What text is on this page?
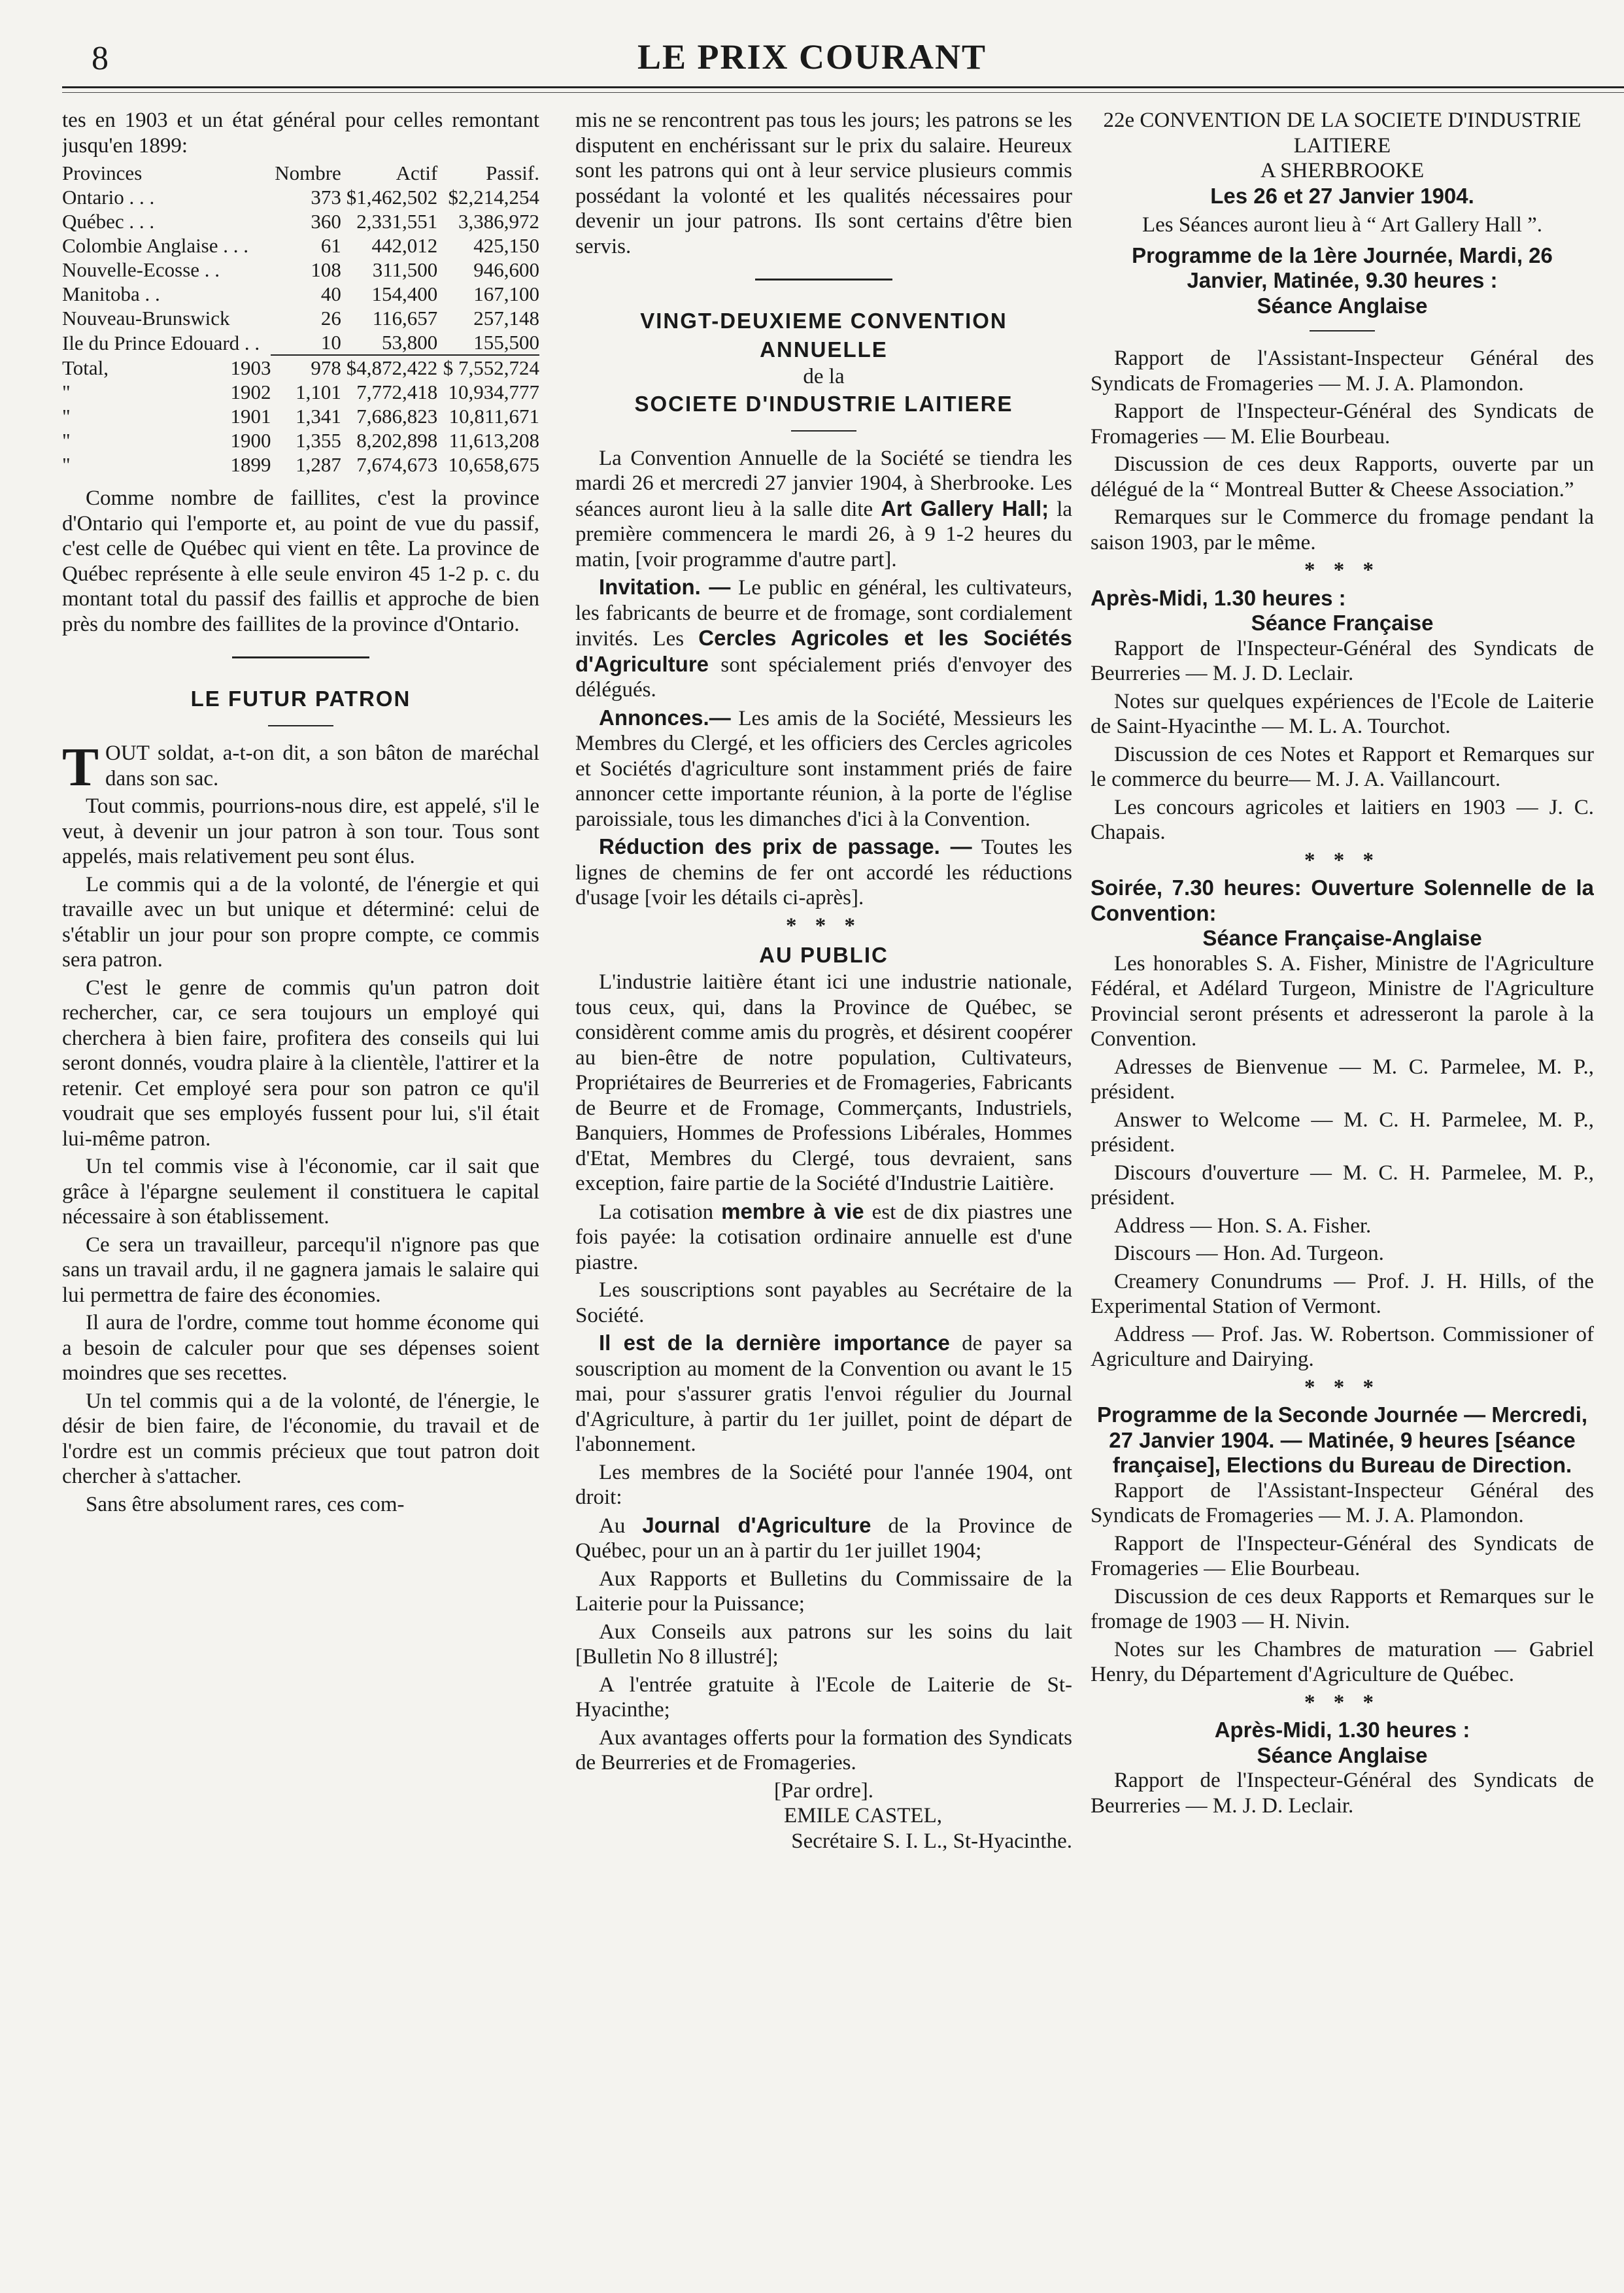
8	LE PRIX COURANT

tes en 1903 et un état général pour celles remontant jusqu'en 1899:

Provinces		Nombre	Actif	Passif.
Ontario . . .		373	$1,462,502	$2,214,254
Québec . . .		360	2,331,551	3,386,972
Colombie Anglaise . . .		61	442,012	425,150
Nouvelle-Ecosse . .		108	311,500	946,600
Manitoba . .		40	154,400	167,100
Nouveau-Brunswick		26	116,657	257,148
Ile du Prince Edouard . .		10	53,800	155,500
Total,	1903	978	$4,872,422	$ 7,552,724
"	1902	1,101	7,772,418	10,934,777
"	1901	1,341	7,686,823	10,811,671
"	1900	1,355	8,202,898	11,613,208
"	1899	1,287	7,674,673	10,658,675

Comme nombre de faillites, c'est la province d'Ontario qui l'emporte et, au point de vue du passif, c'est celle de Québec qui vient en tête. La province de Québec représente à elle seule environ 45 1-2 p. c. du montant total du passif des faillis et approche de bien près du nombre des faillites de la province d'Ontario.

LE FUTUR PATRON

TOUT soldat, a-t-on dit, a son bâton de maréchal dans son sac.

Tout commis, pourrions-nous dire, est appelé, s'il le veut, à devenir un jour patron à son tour. Tous sont appelés, mais relativement peu sont élus.

Le commis qui a de la volonté, de l'énergie et qui travaille avec un but unique et déterminé: celui de s'établir un jour pour son propre compte, ce commis sera patron.

C'est le genre de commis qu'un patron doit rechercher, car, ce sera toujours un employé qui cherchera à bien faire, profitera des conseils qui lui seront donnés, voudra plaire à la clientèle, l'attirer et la retenir. Cet employé sera pour son patron ce qu'il voudrait que ses employés fussent pour lui, s'il était lui-même patron.

Un tel commis vise à l'économie, car il sait que grâce à l'épargne seulement il constituera le capital nécessaire à son établissement.

Ce sera un travailleur, parcequ'il n'ignore pas que sans un travail ardu, il ne gagnera jamais le salaire qui lui permettra de faire des économies.

Il aura de l'ordre, comme tout homme économe qui a besoin de calculer pour que ses dépenses soient moindres que ses recettes.

Un tel commis qui a de la volonté, de l'énergie, le désir de bien faire, de l'économie, du travail et de l'ordre est un commis précieux que tout patron doit chercher à s'attacher.

Sans être absolument rares, ces com-

mis ne se rencontrent pas tous les jours; les patrons se les disputent en enchérissant sur le prix du salaire. Heureux sont les patrons qui ont à leur service plusieurs commis possédant la volonté et les qualités nécessaires pour devenir un jour patrons. Ils sont certains d'être bien servis.

VINGT-DEUXIEME CONVENTION ANNUELLE
de la
SOCIETE D'INDUSTRIE LAITIERE

La Convention Annuelle de la Société se tiendra les mardi 26 et mercredi 27 janvier 1904, à Sherbrooke. Les séances auront lieu à la salle dite Art Gallery Hall; la première commencera le mardi 26, à 9 1-2 heures du matin, [voir programme d'autre part].

Invitation. — Le public en général, les cultivateurs, les fabricants de beurre et de fromage, sont cordialement invités. Les Cercles Agricoles et les Sociétés d'Agriculture sont spécialement priés d'envoyer des délégués.

Annonces.— Les amis de la Société, Messieurs les Membres du Clergé, et les officiers des Cercles agricoles et Sociétés d'agriculture sont instamment priés de faire annoncer cette importante réunion, à la porte de l'église paroissiale, tous les dimanches d'ici à la Convention.

Réduction des prix de passage. — Toutes les lignes de chemins de fer ont accordé les réductions d'usage [voir les détails ci-après].

* * *
AU PUBLIC

L'industrie laitière étant ici une industrie nationale, tous ceux, qui, dans la Province de Québec, se considèrent comme amis du progrès, et désirent coopérer au bien-être de notre population, Cultivateurs, Propriétaires de Beurreries et de Fromageries, Fabricants de Beurre et de Fromage, Commerçants, Industriels, Banquiers, Hommes de Professions Libérales, Hommes d'Etat, Membres du Clergé, tous devraient, sans exception, faire partie de la Société d'Industrie Laitière.

La cotisation membre à vie est de dix piastres une fois payée: la cotisation ordinaire annuelle est d'une piastre.

Les souscriptions sont payables au Secrétaire de la Société.

Il est de la dernière importance de payer sa souscription au moment de la Convention ou avant le 15 mai, pour s'assurer gratis l'envoi régulier du Journal d'Agriculture, à partir du 1er juillet, point de départ de l'abonnement.

Les membres de la Société pour l'année 1904, ont droit:

Au Journal d'Agriculture de la Province de Québec, pour un an à partir du 1er juillet 1904;

Aux Rapports et Bulletins du Commissaire de la Laiterie pour la Puissance;

Aux Conseils aux patrons sur les soins du lait [Bulletin No 8 illustré];

A l'entrée gratuite à l'Ecole de Laiterie de St-Hyacinthe;

Aux avantages offerts pour la formation des Syndicats de Beurreries et de Fromageries.

[Par ordre].
EMILE CASTEL,
Secrétaire S. I. L., St-Hyacinthe.
22e CONVENTION DE LA SOCIETE D'INDUSTRIE LAITIERE
A SHERBROOKE
Les 26 et 27 Janvier 1904.
Les Séances auront lieu à “ Art Gallery Hall ”.
Programme de la 1ère Journée, Mardi, 26 Janvier, Matinée, 9.30 heures :
Séance Anglaise

Rapport de l'Assistant-Inspecteur Général des Syndicats de Fromageries — M. J. A. Plamondon.

Rapport de l'Inspecteur-Général des Syndicats de Fromageries — M. Elie Bourbeau.

Discussion de ces deux Rapports, ouverte par un délégué de la “ Montreal Butter & Cheese Association.”

Remarques sur le Commerce du fromage pendant la saison 1903, par le même.

* * *
Après-Midi, 1.30 heures :
Séance Française

Rapport de l'Inspecteur-Général des Syndicats de Beurreries — M. J. D. Leclair.

Notes sur quelques expériences de l'Ecole de Laiterie de Saint-Hyacinthe — M. L. A. Tourchot.

Discussion de ces Notes et Rapport et Remarques sur le commerce du beurre— M. J. A. Vaillancourt.

Les concours agricoles et laitiers en 1903 — J. C. Chapais.

* * *
Soirée, 7.30 heures: Ouverture Solennelle de la Convention:
Séance Française-Anglaise

Les honorables S. A. Fisher, Ministre de l'Agriculture Fédéral, et Adélard Turgeon, Ministre de l'Agriculture Provincial seront présents et adresseront la parole à la Convention.

Adresses de Bienvenue — M. C. Parmelee, M. P., président.

Answer to Welcome — M. C. H. Parmelee, M. P., président.

Discours d'ouverture — M. C. H. Parmelee, M. P., président.

Address — Hon. S. A. Fisher.

Discours — Hon. Ad. Turgeon.

Creamery Conundrums — Prof. J. H. Hills, of the Experimental Station of Vermont.

Address — Prof. Jas. W. Robertson. Commissioner of Agriculture and Dairying.

* * *
Programme de la Seconde Journée — Mercredi, 27 Janvier 1904. — Matinée, 9 heures [séance française], Elections du Bureau de Direction.

Rapport de l'Assistant-Inspecteur Général des Syndicats de Fromageries — M. J. A. Plamondon.

Rapport de l'Inspecteur-Général des Syndicats de Fromageries — Elie Bourbeau.

Discussion de ces deux Rapports et Remarques sur le fromage de 1903 — H. Nivin.

Notes sur les Chambres de maturation — Gabriel Henry, du Département d'Agriculture de Québec.

* * *
Après-Midi, 1.30 heures :
Séance Anglaise

Rapport de l'Inspecteur-Général des Syndicats de Beurreries — M. J. D. Leclair.
